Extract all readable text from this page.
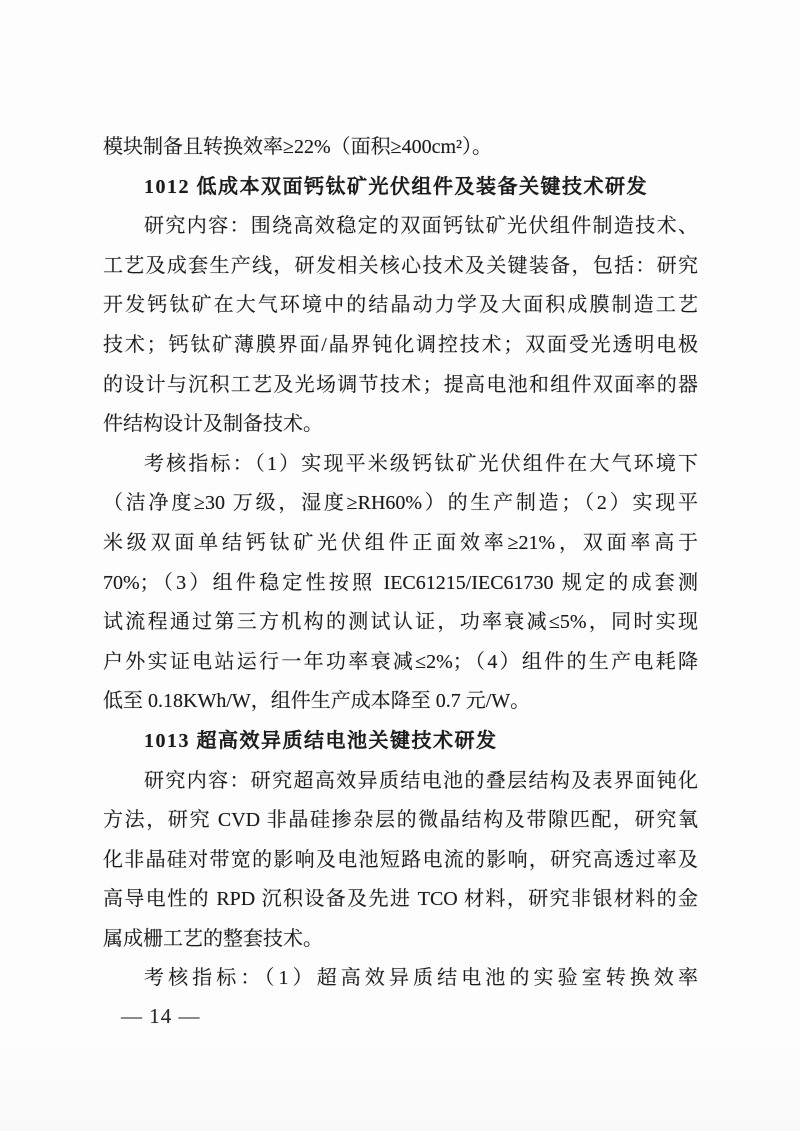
模块制备且转换效率≥22%（面积≥400cm²）。
1012 低成本双面钙钛矿光伏组件及装备关键技术研发
研究内容：围绕高效稳定的双面钙钛矿光伏组件制造技术、
工艺及成套生产线，研发相关核心技术及关键装备，包括：研究
开发钙钛矿在大气环境中的结晶动力学及大面积成膜制造工艺
技术；钙钛矿薄膜界面/晶界钝化调控技术；双面受光透明电极
的设计与沉积工艺及光场调节技术；提高电池和组件双面率的器
件结构设计及制备技术。
考核指标：（1）实现平米级钙钛矿光伏组件在大气环境下
（洁净度≥30 万级，湿度≥RH60%）的生产制造；（2）实现平
米级双面单结钙钛矿光伏组件正面效率≥21%，双面率高于
70%；（3）组件稳定性按照 IEC61215/IEC61730 规定的成套测
试流程通过第三方机构的测试认证，功率衰减≤5%，同时实现
户外实证电站运行一年功率衰减≤2%；（4）组件的生产电耗降
低至 0.18KWh/W，组件生产成本降至 0.7 元/W。
1013 超高效异质结电池关键技术研发
研究内容：研究超高效异质结电池的叠层结构及表界面钝化
方法，研究 CVD 非晶硅掺杂层的微晶结构及带隙匹配，研究氧
化非晶硅对带宽的影响及电池短路电流的影响，研究高透过率及
高导电性的 RPD 沉积设备及先进 TCO 材料，研究非银材料的金
属成栅工艺的整套技术。
考核指标：（1）超高效异质结电池的实验室转换效率
— 14 —
